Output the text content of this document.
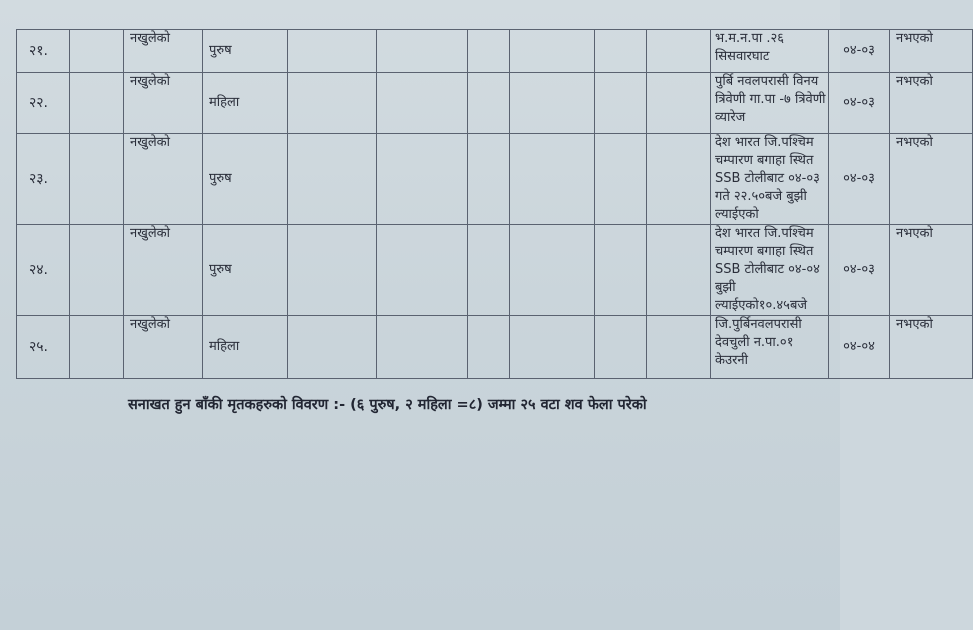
२१.		नखुलेको	पुरुष							भ.म.न.पा .२६ सिसवारघाट	०४-०३	नभएको
२२.		नखुलेको	महिला							पुर्बि नवलपरासी विनय त्रिवेणी गा.पा -७ त्रिवेणी व्यारेज	०४-०३	नभएको
२३.		नखुलेको	पुरुष							देश भारत जि.पश्चिम चम्पारण बगाहा स्थित SSB टोलीबाट ०४-०३ गते २२.५०बजे बुझी ल्याईएको	०४-०३	नभएको
२४.		नखुलेको	पुरुष							देश भारत जि.पश्चिम चम्पारण बगाहा स्थित SSB टोलीबाट ०४-०४ बुझी ल्याईएको१०.४५बजे	०४-०३	नभएको
२५.		नखुलेको	महिला							जि.पुर्बिनवलपरासी देवचुली न.पा.०१ केउरनी	०४-०४	नभएको
सनाखत हुन बाँकी मृतकहरुको विवरण :- (६ पुरुष, २ महिला =८) जम्मा २५ वटा शव फेला परेको
